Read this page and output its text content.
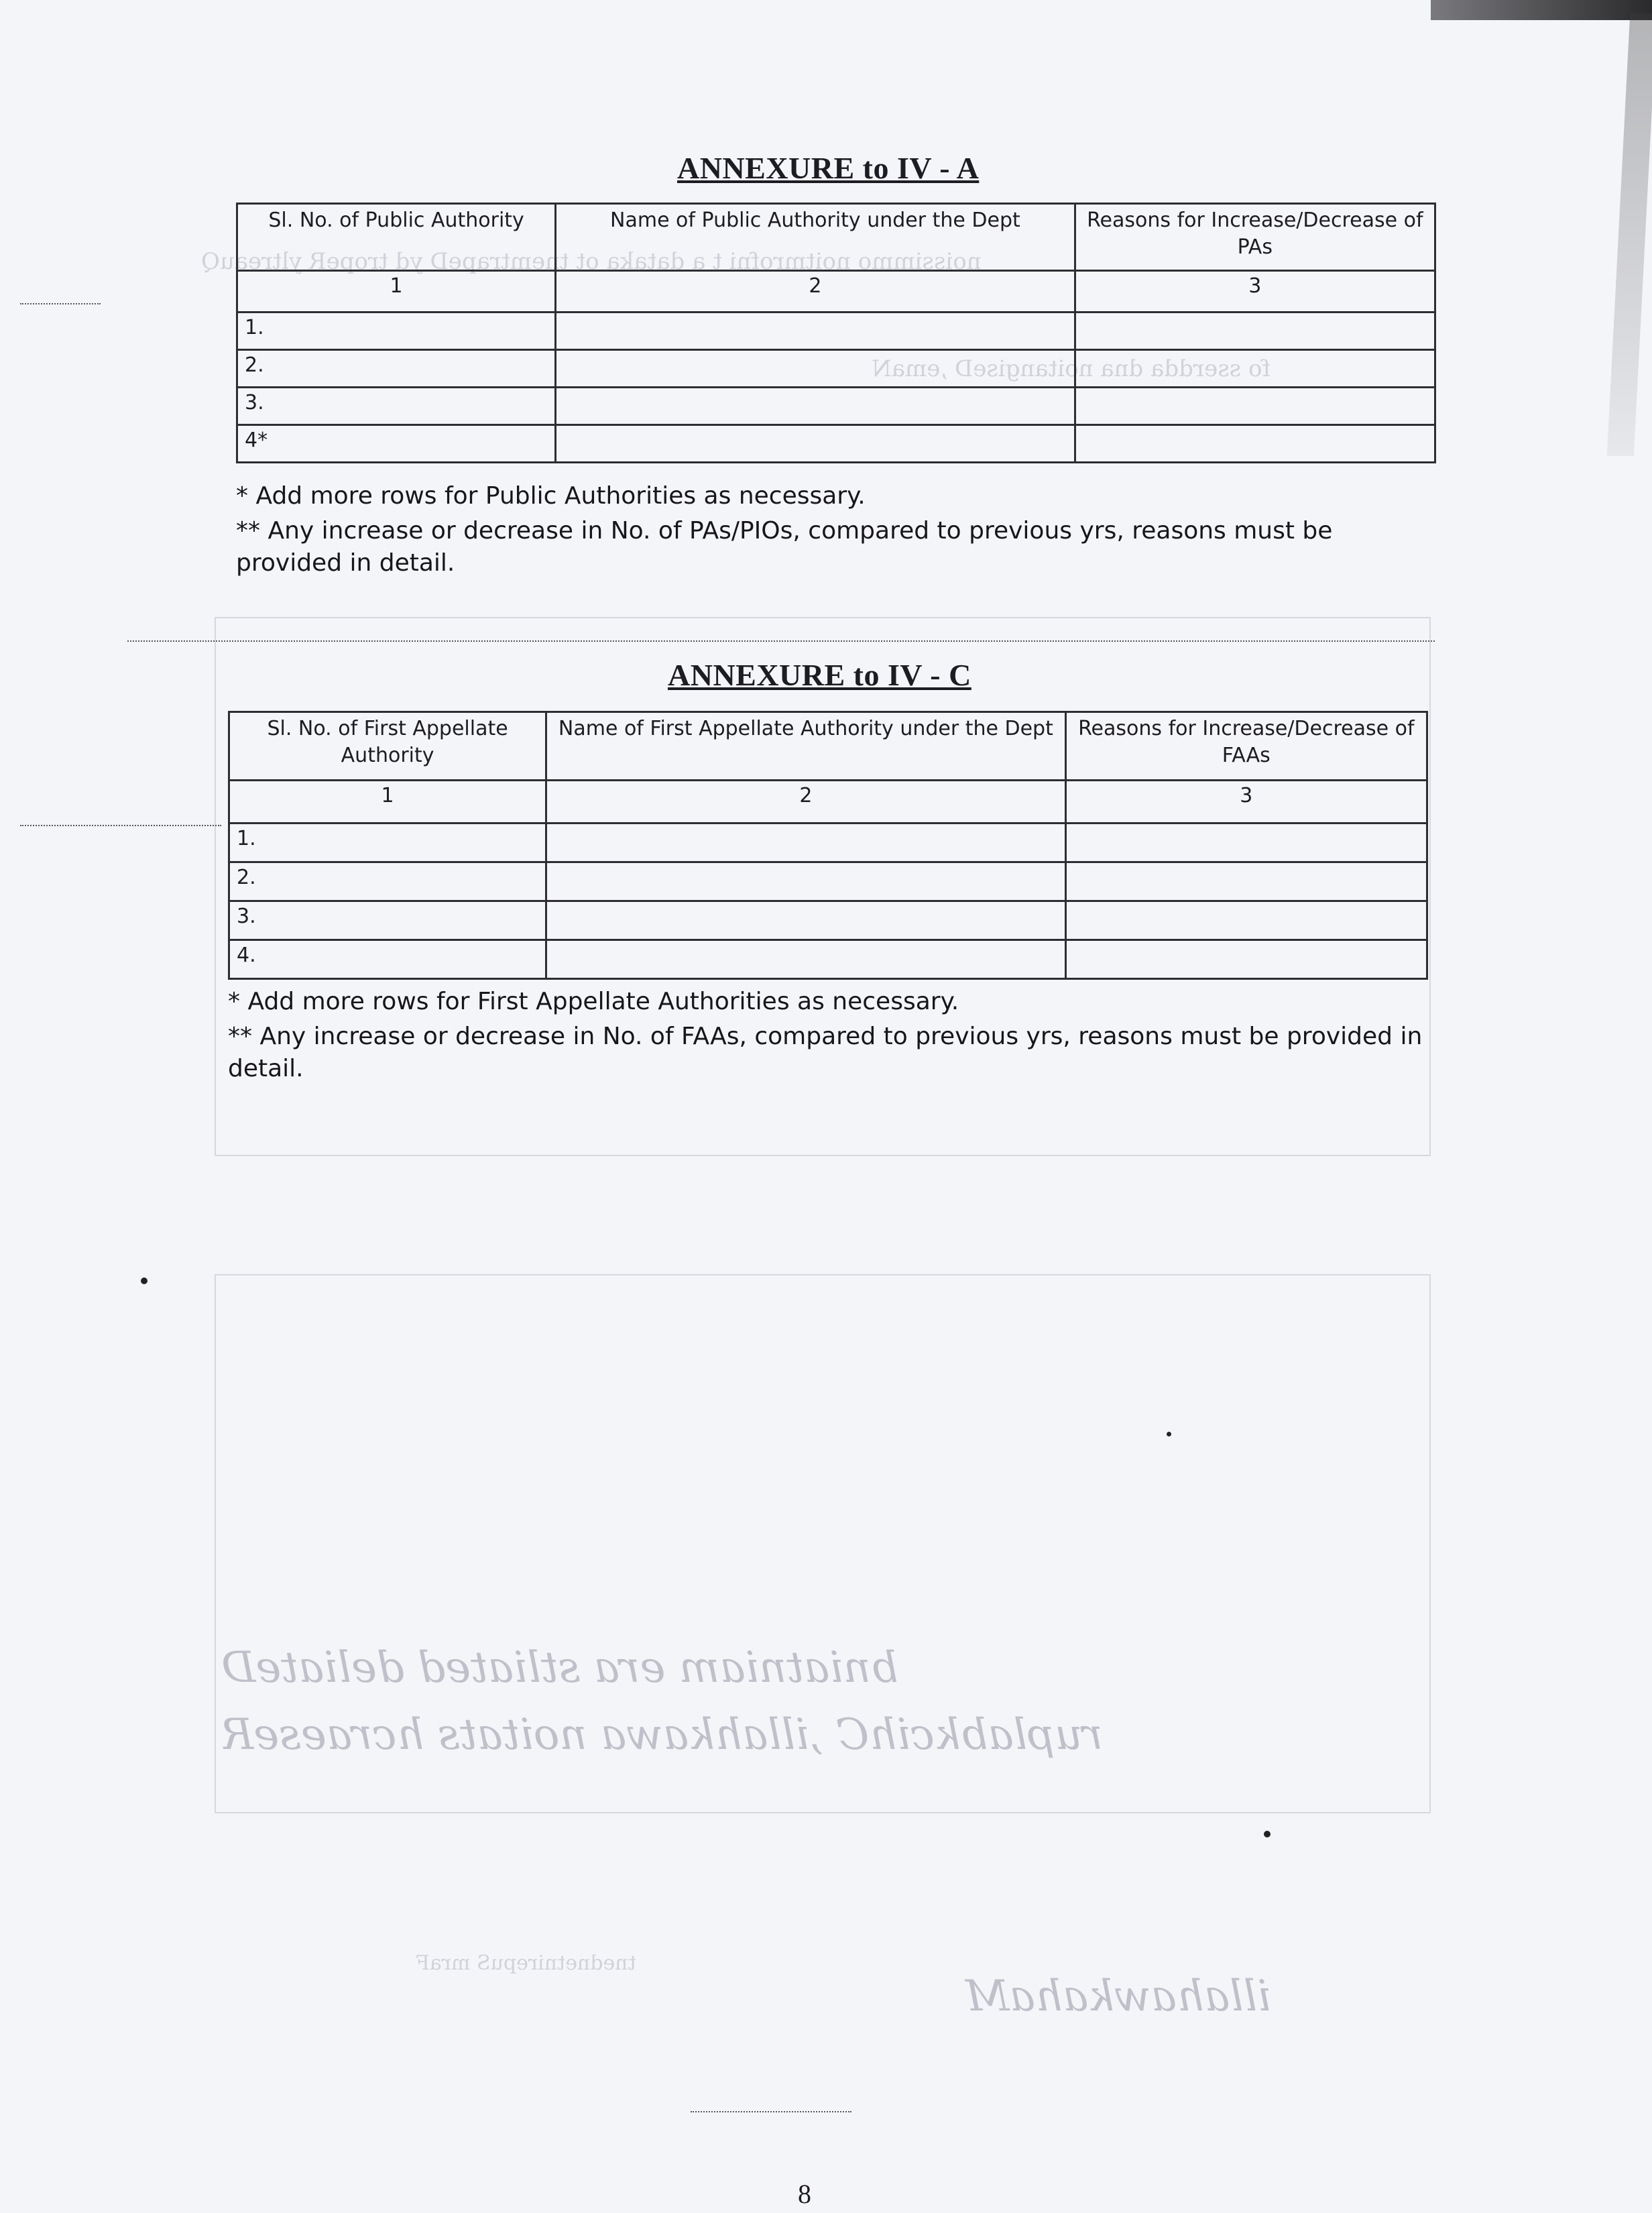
noissimmo noitmrofni t a dataka ot tnemtrapeD yd tropeR yltreauQ
fo sserdda dna noitangiseD ,emaN
bniatniam era stliated deliateD
ruplabkcihC ,illahkawa noitats hcraeseR
illahawkahaM
tnednetnirepuS mraF
ANNEXURE to IV - A
Sl. No. of Public Authority	Name of Public Authority under the Dept	Reasons for Increase/Decrease of PAs
1	2	3
1.		
2.		
3.		
4*		
* Add more rows for Public Authorities as necessary.
** Any increase or decrease in No. of PAs/PIOs, compared to previous yrs, reasons must be provided in detail.
ANNEXURE to IV - C
Sl. No. of First Appellate Authority	Name of First Appellate Authority under the Dept	Reasons for Increase/Decrease of FAAs
1	2	3
1.		
2.		
3.		
4.		
* Add more rows for First Appellate Authorities as necessary.
** Any increase or decrease in No. of FAAs, compared to previous yrs, reasons must be provided in detail.
8
